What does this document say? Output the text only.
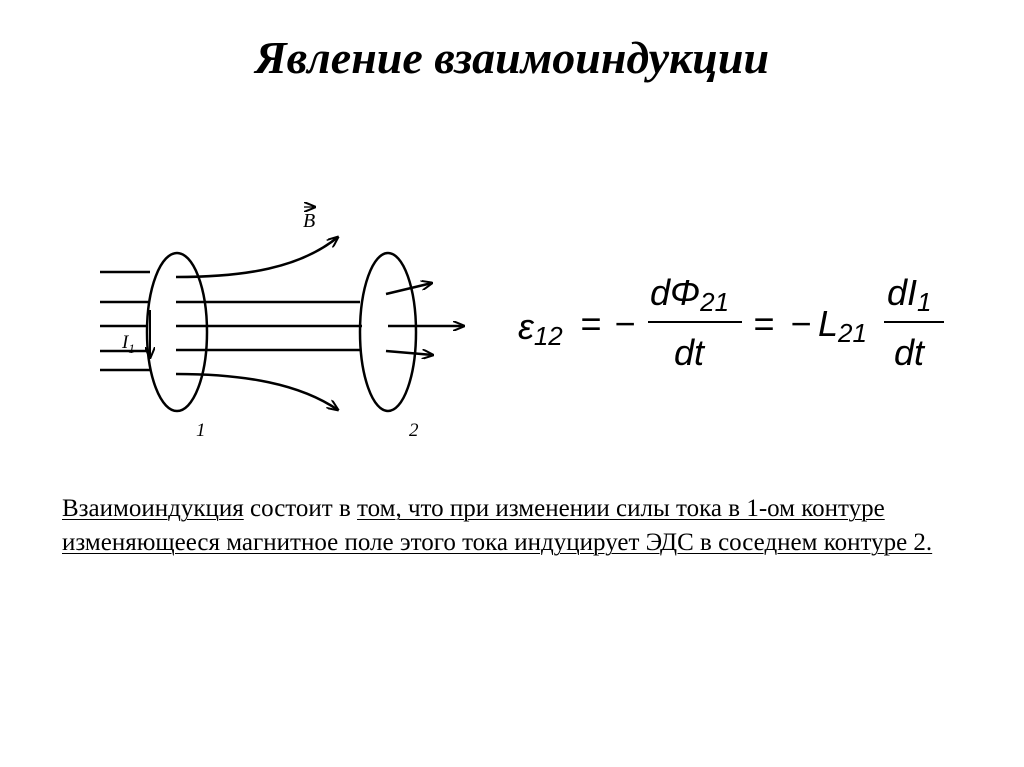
Явление взаимоиндукции
B
$I_1$
1	2
ε12 = −
dΦ21
dt
= − L21
dI1
dt
Взаимоиндукция состоит в том, что при изменении силы тока в 1-ом контуре изменяющееся магнитное поле этого тока индуцирует ЭДС в соседнем контуре 2.
